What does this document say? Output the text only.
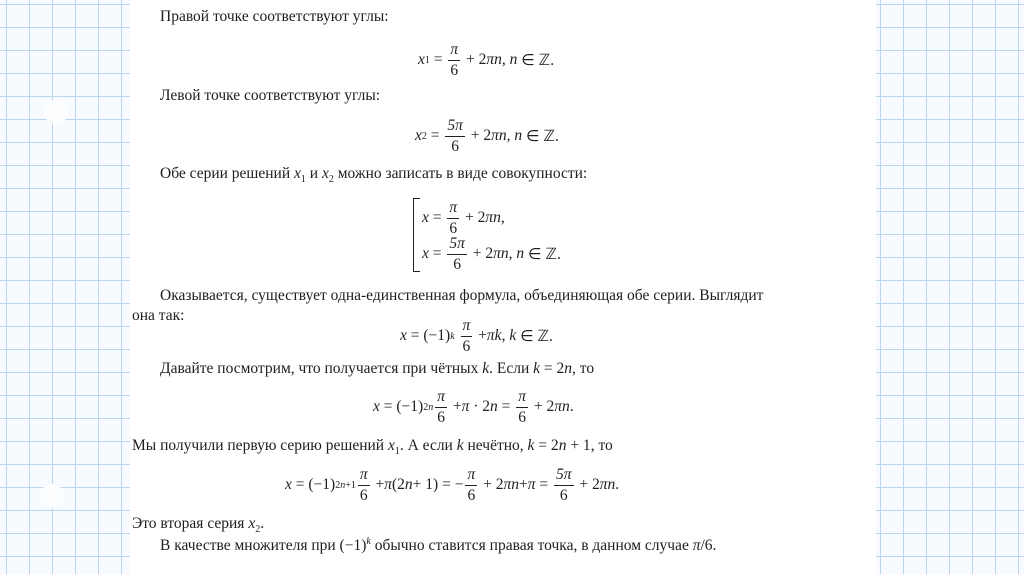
Правой точке соответствуют углы:
x $1 = \frac{\pi}{6} + 2$ πn , n ∈ ℤ.
Левой точке соответствуют углы:
x $2 = \frac{5\pi}{6} + 2$ πn , n ∈ ℤ.
Обе серии решений $x_1$ и $x_2$ можно записать в виде совокупности:
$x = \frac{\pi}{6} + 2$ πn ,
$x = \frac{5\pi}{6} + 2$ πn , n ∈ ℤ.
Оказывается, существует одна-единственная формула, объединяющая обе серии. Выглядит
она так:
x = (−1) k
$\frac{\pi}{6} + \pi k$ , k ∈ ℤ.
Давайте посмотрим, что получается при чётных k. Если k = 2n, то
x = (−1) $2n \frac{\pi}{6} + \pi \cdot 2$ $n = \frac{\pi}{6} + 2$ πn .
Мы получили первую серию решений $x_1$. А если k нечётно, k = 2n + 1, то
x = (−1) $2n+1 \frac{\pi}{6} + \pi$ (2 n + 1) = − $\frac{\pi}{6} + 2$ $\pi n + \pi = \frac{5\pi}{6} + 2$ πn .
Это вторая серия $x_2$.
В качестве множителя при $(-1)^k$ обычно ставится правая точка, в данном случае π/6.
